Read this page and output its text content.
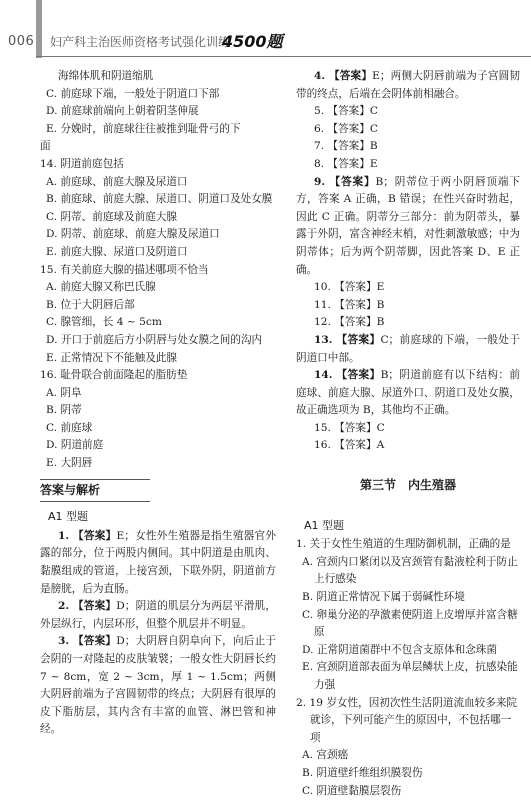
006 妇产科主治医师资格考试强化训练
4500题
海绵体肌和阴道缩肌
C. 前庭球下端，一般处于阴道口下部
D. 前庭球前端向上朝着阴茎伸展
E. 分娩时，前庭球往往被推到耻骨弓的下
面
14. 阴道前庭包括
A. 前庭球、前庭大腺及尿道口
B. 前庭球、前庭大腺、尿道口、阴道口及处女膜
C. 阴蒂、前庭球及前庭大腺
D. 阴蒂、前庭球、前庭大腺及尿道口
E. 前庭大腺、尿道口及阴道口
15. 有关前庭大腺的描述哪项不恰当
A. 前庭大腺又称巴氏腺
B. 位于大阴唇后部
C. 腺管细，长 4 ~ 5cm
D. 开口于前庭后方小阴唇与处女膜之间的沟内
E. 正常情况下不能触及此腺
16. 耻骨联合前面隆起的脂肪垫
A. 阴阜
B. 阴蒂
C. 前庭球
D. 阴道前庭
E. 大阴唇
答案与解析
A1 型题
1. 【答案】E；女性外生殖器是指生殖器官外露的部分，位于两股内侧间。其中阴道是由肌肉、黏膜组成的管道，上接宫颈，下联外阴，阴道前方是膀胱，后为直肠。
2. 【答案】D；阴道的肌层分为两层平滑肌，外层纵行，内层环形，但整个肌层并不明显。
3. 【答案】D；大阴唇自阴阜向下，向后止于会阴的一对隆起的皮肤皱襞；一般女性大阴唇长约 7 ~ 8cm，宽 2 ~ 3cm，厚 1 ~ 1.5cm；两侧大阴唇前端为子宫圆韧带的终点；大阴唇有很厚的皮下脂肪层，其内含有丰富的血管、淋巴管和神经。
4. 【答案】E；两侧大阴唇前端为子宫圆韧带的终点，后端在会阴体前相融合。
5. 【答案】C
6. 【答案】C
7. 【答案】B
8. 【答案】E
9. 【答案】B；阴蒂位于两小阴唇顶端下方，答案 A 正确，B 错误；在性兴奋时勃起，因此 C 正确。阴蒂分三部分：前为阴蒂头，暴露于外阴，富含神经末梢，对性刺激敏感；中为阴蒂体；后为两个阴蒂脚，因此答案 D、E 正确。
10. 【答案】E
11. 【答案】B
12. 【答案】B
13. 【答案】C；前庭球的下端，一般处于阴道口中部。
14. 【答案】B；阴道前庭有以下结构：前庭球、前庭大腺、尿道外口、阴道口及处女膜，故正确选项为 B，其他均不正确。
15. 【答案】C
16. 【答案】A
第三节　内生殖器
A1 型题
1. 关于女性生殖道的生理防御机制，正确的是
A. 宫颈内口紧闭以及宫颈管有黏液栓利于防止上行感染
B. 阴道正常情况下属于弱碱性环境
C. 卵巢分泌的孕激素使阴道上皮增厚并富含糖原
D. 正常阴道菌群中不包含支原体和念珠菌
E. 宫颈阴道部表面为单层鳞状上皮，抗感染能力强
2. 19 岁女性，因初次性生活阴道流血较多来院就诊，下列可能产生的原因中，不包括哪一项
A. 宫颈癌
B. 阴道壁纤维组织膜裂伤
C. 阴道壁黏膜层裂伤
